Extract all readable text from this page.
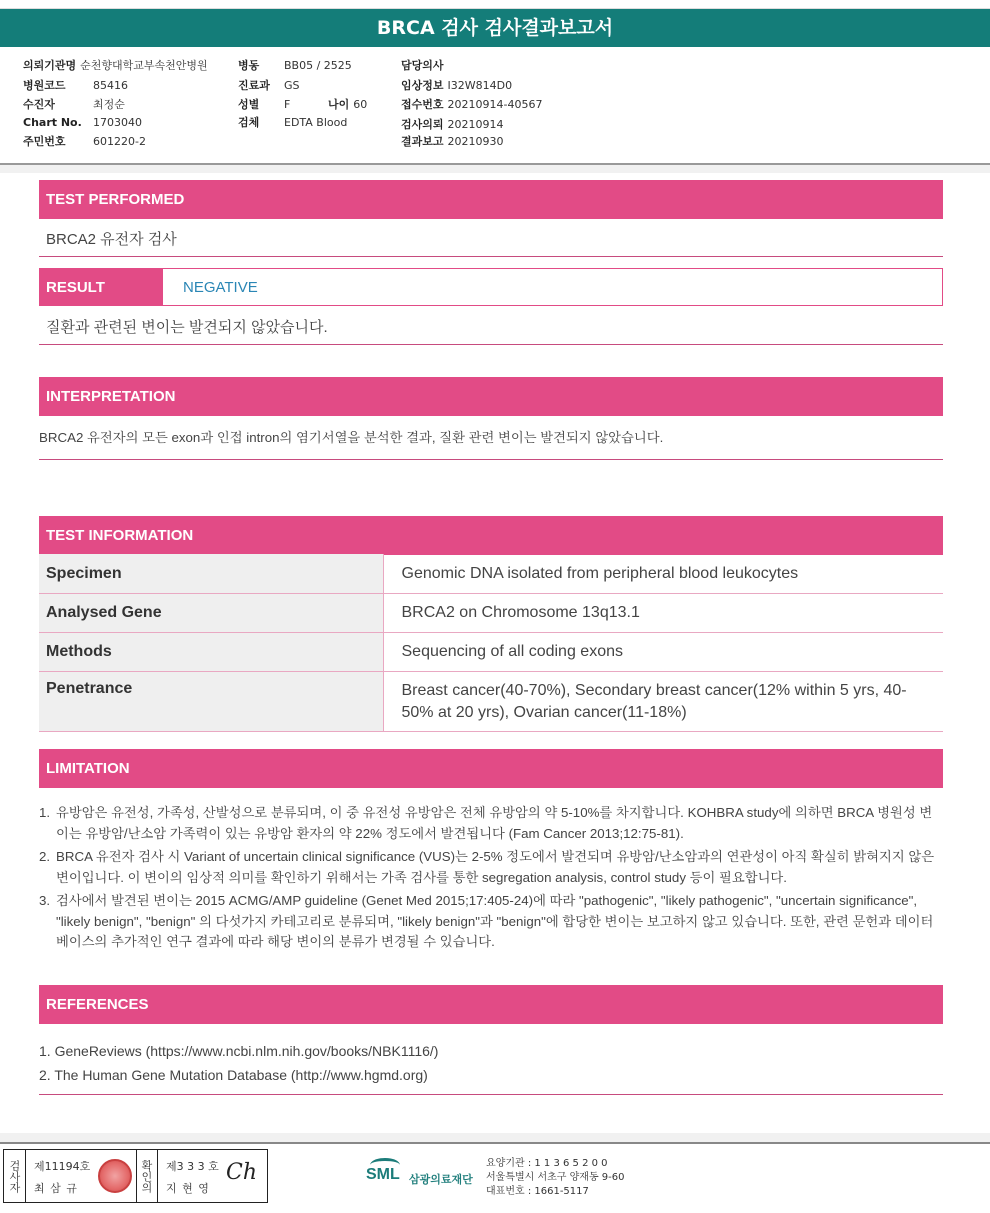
BRCA 검사 검사결과보고서
의뢰기관명 순천향대학교부속천안병원	병동 BB05 / 2525	담당의사
병원코드 85416	진료과 GS	임상정보 I32W814D0
수진자	최정순	성별 F	나이 60	접수번호 20210914-40567
Chart No. 1703040	검체 EDTA Blood	검사의뢰 20210914
주민번호 601220-2	결과보고 20210930
TEST PERFORMED
BRCA2 유전자 검사
RESULT	NEGATIVE
질환과 관련된 변이는 발견되지 않았습니다.
INTERPRETATION
BRCA2 유전자의 모든 exon과 인접 intron의 염기서열을 분석한 결과, 질환 관련 변이는 발견되지 않았습니다.
TEST INFORMATION
Specimen	Genomic DNA isolated from peripheral blood leukocytes
Analysed Gene	BRCA2 on Chromosome 13q13.1
Methods	Sequencing of all coding exons
Penetrance	Breast cancer(40-70%), Secondary breast cancer(12% within 5 yrs, 40-50% at 20 yrs), Ovarian cancer(11-18%)
LIMITATION
1. 유방암은 유전성, 가족성, 산발성으로 분류되며, 이 중 유전성 유방암은 전체 유방암의 약 5-10%를 차지합니다. KOHBRA study에 의하면 BRCA 병원성 변이는 유방암/난소암 가족력이 있는 유방암 환자의 약 22% 정도에서 발견됩니다 (Fam Cancer 2013;12:75-81).
2. BRCA 유전자 검사 시 Variant of uncertain clinical significance (VUS)는 2-5% 정도에서 발견되며 유방암/난소암과의 연관성이 아직 확실히 밝혀지지 않은 변이입니다. 이 변이의 임상적 의미를 확인하기 위해서는 가족 검사를 통한 segregation analysis, control study 등이 필요합니다.
3. 검사에서 발견된 변이는 2015 ACMG/AMP guideline (Genet Med 2015;17:405-24)에 따라 "pathogenic", "likely pathogenic", "uncertain significance", "likely benign", "benign" 의 다섯가지 카테고리로 분류되며, "likely benign"과 "benign"에 합당한 변이는 보고하지 않고 있습니다. 또한, 관련 문헌과 데이터베이스의 추가적인 연구 결과에 따라 해당 변이의 분류가 변경될 수 있습니다.
REFERENCES
1. GeneReviews (https://www.ncbi.nlm.nih.gov/books/NBK1116/)
2. The Human Gene Mutation Database (http://www.hgmd.org)
검사자	제11194호
최 삼 규	확인의	제3 3 3 호
지 현 영
Ch	SML 삼광의료재단
요양기관 : 1 1 3 6 5 2 0 0
서울특별시 서초구 양재동 9-60
대표번호 : 1661-5117
